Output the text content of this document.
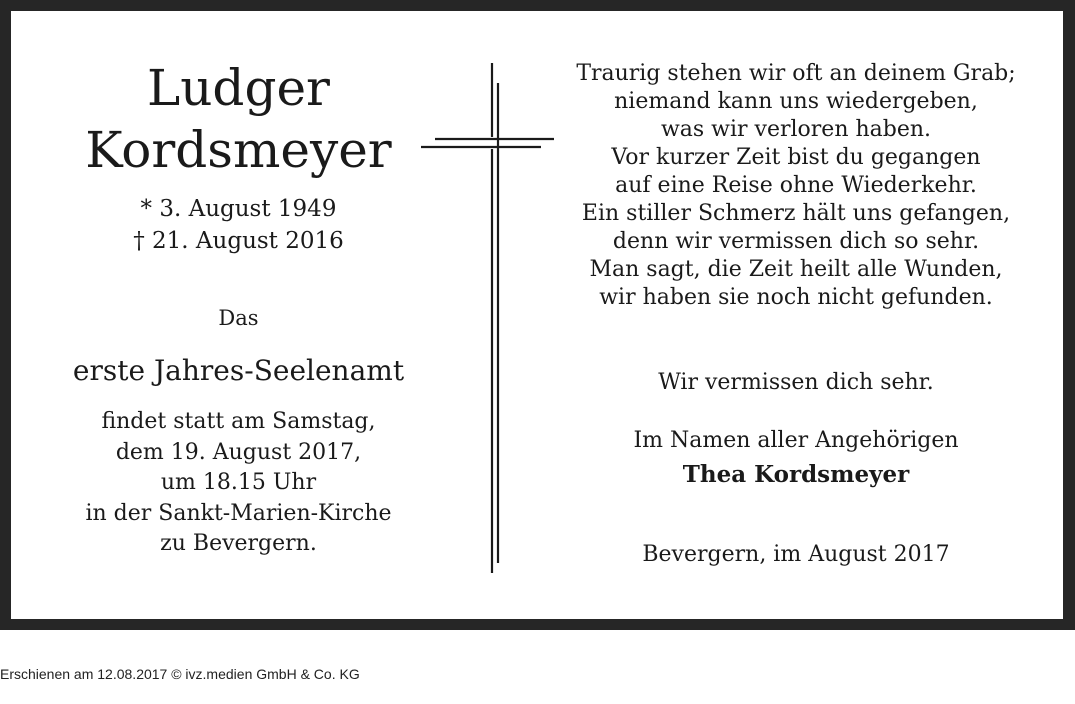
Ludger
Kordsmeyer
* 3. August 1949
† 21. August 2016
Das
erste Jahres-Seelenamt
findet statt am Samstag,
dem 19. August 2017,
um 18.15 Uhr
in der Sankt-Marien-Kirche
zu Bevergern.
Traurig stehen wir oft an deinem Grab;
niemand kann uns wiedergeben,
was wir verloren haben.
Vor kurzer Zeit bist du gegangen
auf eine Reise ohne Wiederkehr.
Ein stiller Schmerz hält uns gefangen,
denn wir vermissen dich so sehr.
Man sagt, die Zeit heilt alle Wunden,
wir haben sie noch nicht gefunden.
Wir vermissen dich sehr.
Im Namen aller Angehörigen
Thea Kordsmeyer
Bevergern, im August 2017
Erschienen am 12.08.2017 © ivz.medien GmbH & Co. KG
